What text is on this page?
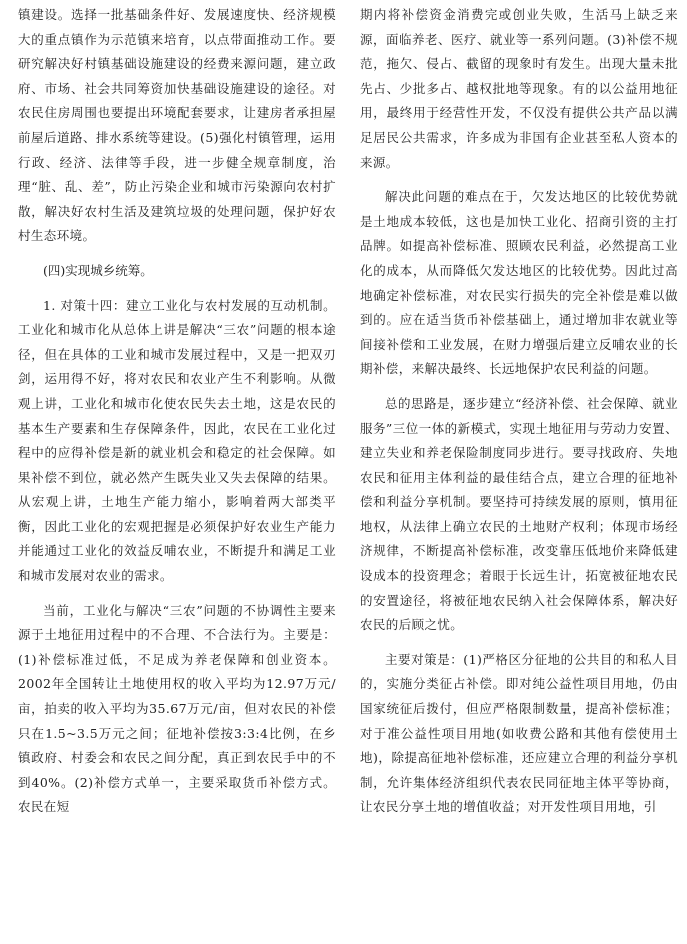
镇建设。选择一批基础条件好、发展速度快、经济规模大的重点镇作为示范镇来培育，以点带面推动工作。要研究解决好村镇基础设施建设的经费来源问题，建立政府、市场、社会共同筹资加快基础设施建设的途径。对农民住房周围也要提出环境配套要求，让建房者承担屋前屋后道路、排水系统等建设。(5)强化村镇管理，运用行政、经济、法律等手段，进一步健全规章制度，治理“脏、乱、差”，防止污染企业和城市污染源向农村扩散，解决好农村生活及建筑垃圾的处理问题，保护好农村生态环境。

(四)实现城乡统筹。

1. 对策十四：建立工业化与农村发展的互动机制。工业化和城市化从总体上讲是解决“三农”问题的根本途径，但在具体的工业和城市发展过程中，又是一把双刃剑，运用得不好，将对农民和农业产生不利影响。从微观上讲，工业化和城市化使农民失去土地，这是农民的基本生产要素和生存保障条件，因此，农民在工业化过程中的应得补偿是新的就业机会和稳定的社会保障。如果补偿不到位，就必然产生既失业又失去保障的结果。从宏观上讲，土地生产能力缩小，影响着两大部类平衡，因此工业化的宏观把握是必须保护好农业生产能力并能通过工业化的效益反哺农业，不断提升和满足工业和城市发展对农业的需求。

当前，工业化与解决“三农”问题的不协调性主要来源于土地征用过程中的不合理、不合法行为。主要是：(1)补偿标准过低，不足成为养老保障和创业资本。2002年全国转让土地使用权的收入平均为12.97万元/亩，拍卖的收入平均为35.67万元/亩，但对农民的补偿只在1.5~3.5万元之间；征地补偿按3:3:4比例，在乡镇政府、村委会和农民之间分配，真正到农民手中的不到40%。(2)补偿方式单一，主要采取货币补偿方式。农民在短

期内将补偿资金消费完或创业失败，生活马上缺乏来源，面临养老、医疗、就业等一系列问题。(3)补偿不规范，拖欠、侵占、截留的现象时有发生。出现大量未批先占、少批多占、越权批地等现象。有的以公益用地征用，最终用于经营性开发，不仅没有提供公共产品以满足居民公共需求，许多成为非国有企业甚至私人资本的来源。

解决此问题的难点在于，欠发达地区的比较优势就是土地成本较低，这也是加快工业化、招商引资的主打品牌。如提高补偿标准、照顾农民利益，必然提高工业化的成本，从而降低欠发达地区的比较优势。因此过高地确定补偿标准，对农民实行损失的完全补偿是难以做到的。应在适当货币补偿基础上，通过增加非农就业等间接补偿和工业发展，在财力增强后建立反哺农业的长期补偿，来解决最终、长远地保护农民利益的问题。

总的思路是，逐步建立“经济补偿、社会保障、就业服务”三位一体的新模式，实现土地征用与劳动力安置、建立失业和养老保险制度同步进行。要寻找政府、失地农民和征用主体利益的最佳结合点，建立合理的征地补偿和利益分享机制。要坚持可持续发展的原则，慎用征地权，从法律上确立农民的土地财产权利；体现市场经济规律，不断提高补偿标准，改变靠压低地价来降低建设成本的投资理念；着眼于长远生计，拓宽被征地农民的安置途径，将被征地农民纳入社会保障体系，解决好农民的后顾之忧。

主要对策是：(1)严格区分征地的公共目的和私人目的，实施分类征占补偿。即对纯公益性项目用地，仍由国家统征后拨付，但应严格限制数量，提高补偿标准；对于准公益性项目用地(如收费公路和其他有偿使用土地)，除提高征地补偿标准，还应建立合理的利益分享机制，允许集体经济组织代表农民同征地主体平等协商，让农民分享土地的增值收益；对开发性项目用地，引
